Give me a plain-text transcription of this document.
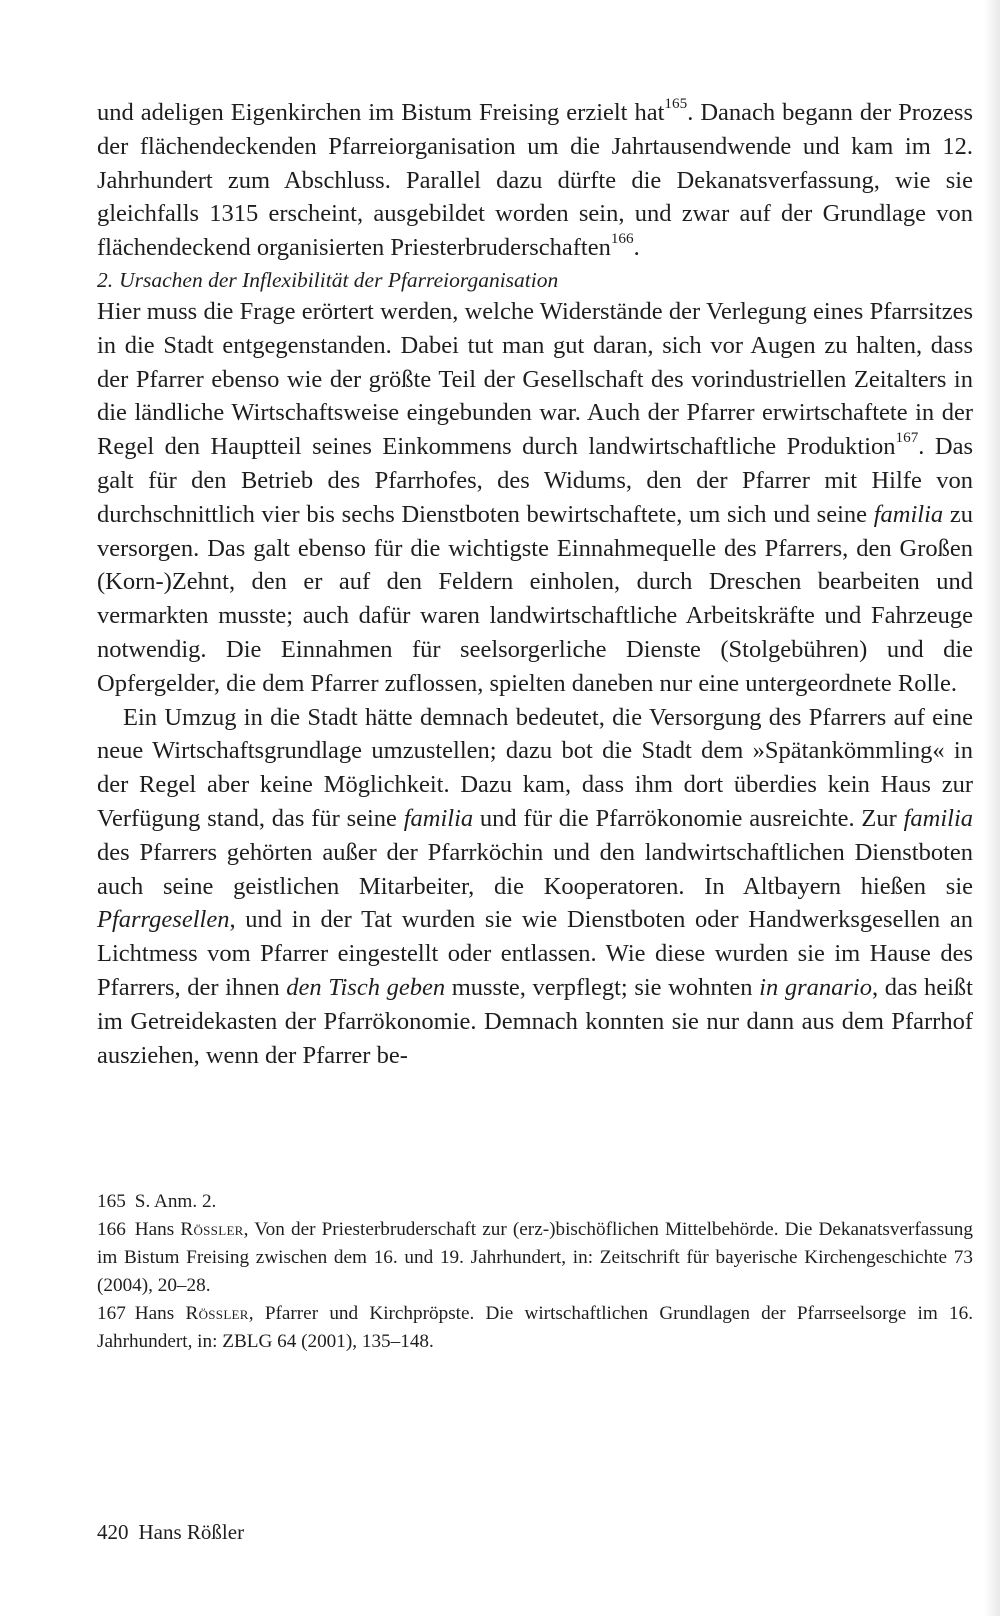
und adeligen Eigenkirchen im Bistum Freising erzielt hat$^{165}$. Danach begann der Prozess der flächendeckenden Pfarreiorganisation um die Jahrtausendwende und kam im 12. Jahrhundert zum Abschluss. Parallel dazu dürfte die Dekanatsverfassung, wie sie gleichfalls 1315 erscheint, ausgebildet worden sein, und zwar auf der Grundlage von flächendeckend organisierten Priesterbruderschaften$^{166}$.

2. Ursachen der Inflexibilität der Pfarreiorganisation

Hier muss die Frage erörtert werden, welche Widerstände der Verlegung eines Pfarrsitzes in die Stadt entgegenstanden. Dabei tut man gut daran, sich vor Augen zu halten, dass der Pfarrer ebenso wie der größte Teil der Gesellschaft des vorindustriellen Zeitalters in die ländliche Wirtschaftsweise eingebunden war. Auch der Pfarrer erwirtschaftete in der Regel den Hauptteil seines Einkommens durch landwirtschaftliche Produktion$^{167}$. Das galt für den Betrieb des Pfarrhofes, des Widums, den der Pfarrer mit Hilfe von durchschnittlich vier bis sechs Dienstboten bewirtschaftete, um sich und seine familia zu versorgen. Das galt ebenso für die wichtigste Einnahmequelle des Pfarrers, den Großen (Korn-)Zehnt, den er auf den Feldern einholen, durch Dreschen bearbeiten und vermarkten musste; auch dafür waren landwirtschaftliche Arbeitskräfte und Fahrzeuge notwendig. Die Einnahmen für seelsorgerliche Dienste (Stolgebühren) und die Opfergelder, die dem Pfarrer zuflossen, spielten daneben nur eine untergeordnete Rolle.

Ein Umzug in die Stadt hätte demnach bedeutet, die Versorgung des Pfarrers auf eine neue Wirtschaftsgrundlage umzustellen; dazu bot die Stadt dem »Spätankömmling« in der Regel aber keine Möglichkeit. Dazu kam, dass ihm dort überdies kein Haus zur Verfügung stand, das für seine familia und für die Pfarrökonomie ausreichte. Zur familia des Pfarrers gehörten außer der Pfarrköchin und den landwirtschaftlichen Dienstboten auch seine geistlichen Mitarbeiter, die Kooperatoren. In Altbayern hießen sie Pfarrgesellen, und in der Tat wurden sie wie Dienstboten oder Handwerksgesellen an Lichtmess vom Pfarrer eingestellt oder entlassen. Wie diese wurden sie im Hause des Pfarrers, der ihnen den Tisch geben musste, verpflegt; sie wohnten in granario, das heißt im Getreidekasten der Pfarrökonomie. Demnach konnten sie nur dann aus dem Pfarrhof ausziehen, wenn der Pfarrer be-

165 S. Anm. 2.

166 Hans Rössler, Von der Priesterbruderschaft zur (erz-)bischöflichen Mittelbehörde. Die Dekanatsverfassung im Bistum Freising zwischen dem 16. und 19. Jahrhundert, in: Zeitschrift für bayerische Kirchengeschichte 73 (2004), 20–28.

167 Hans Rössler, Pfarrer und Kirchpröpste. Die wirtschaftlichen Grundlagen der Pfarrseelsorge im 16. Jahrhundert, in: ZBLG 64 (2001), 135–148.

420 Hans Rößler
